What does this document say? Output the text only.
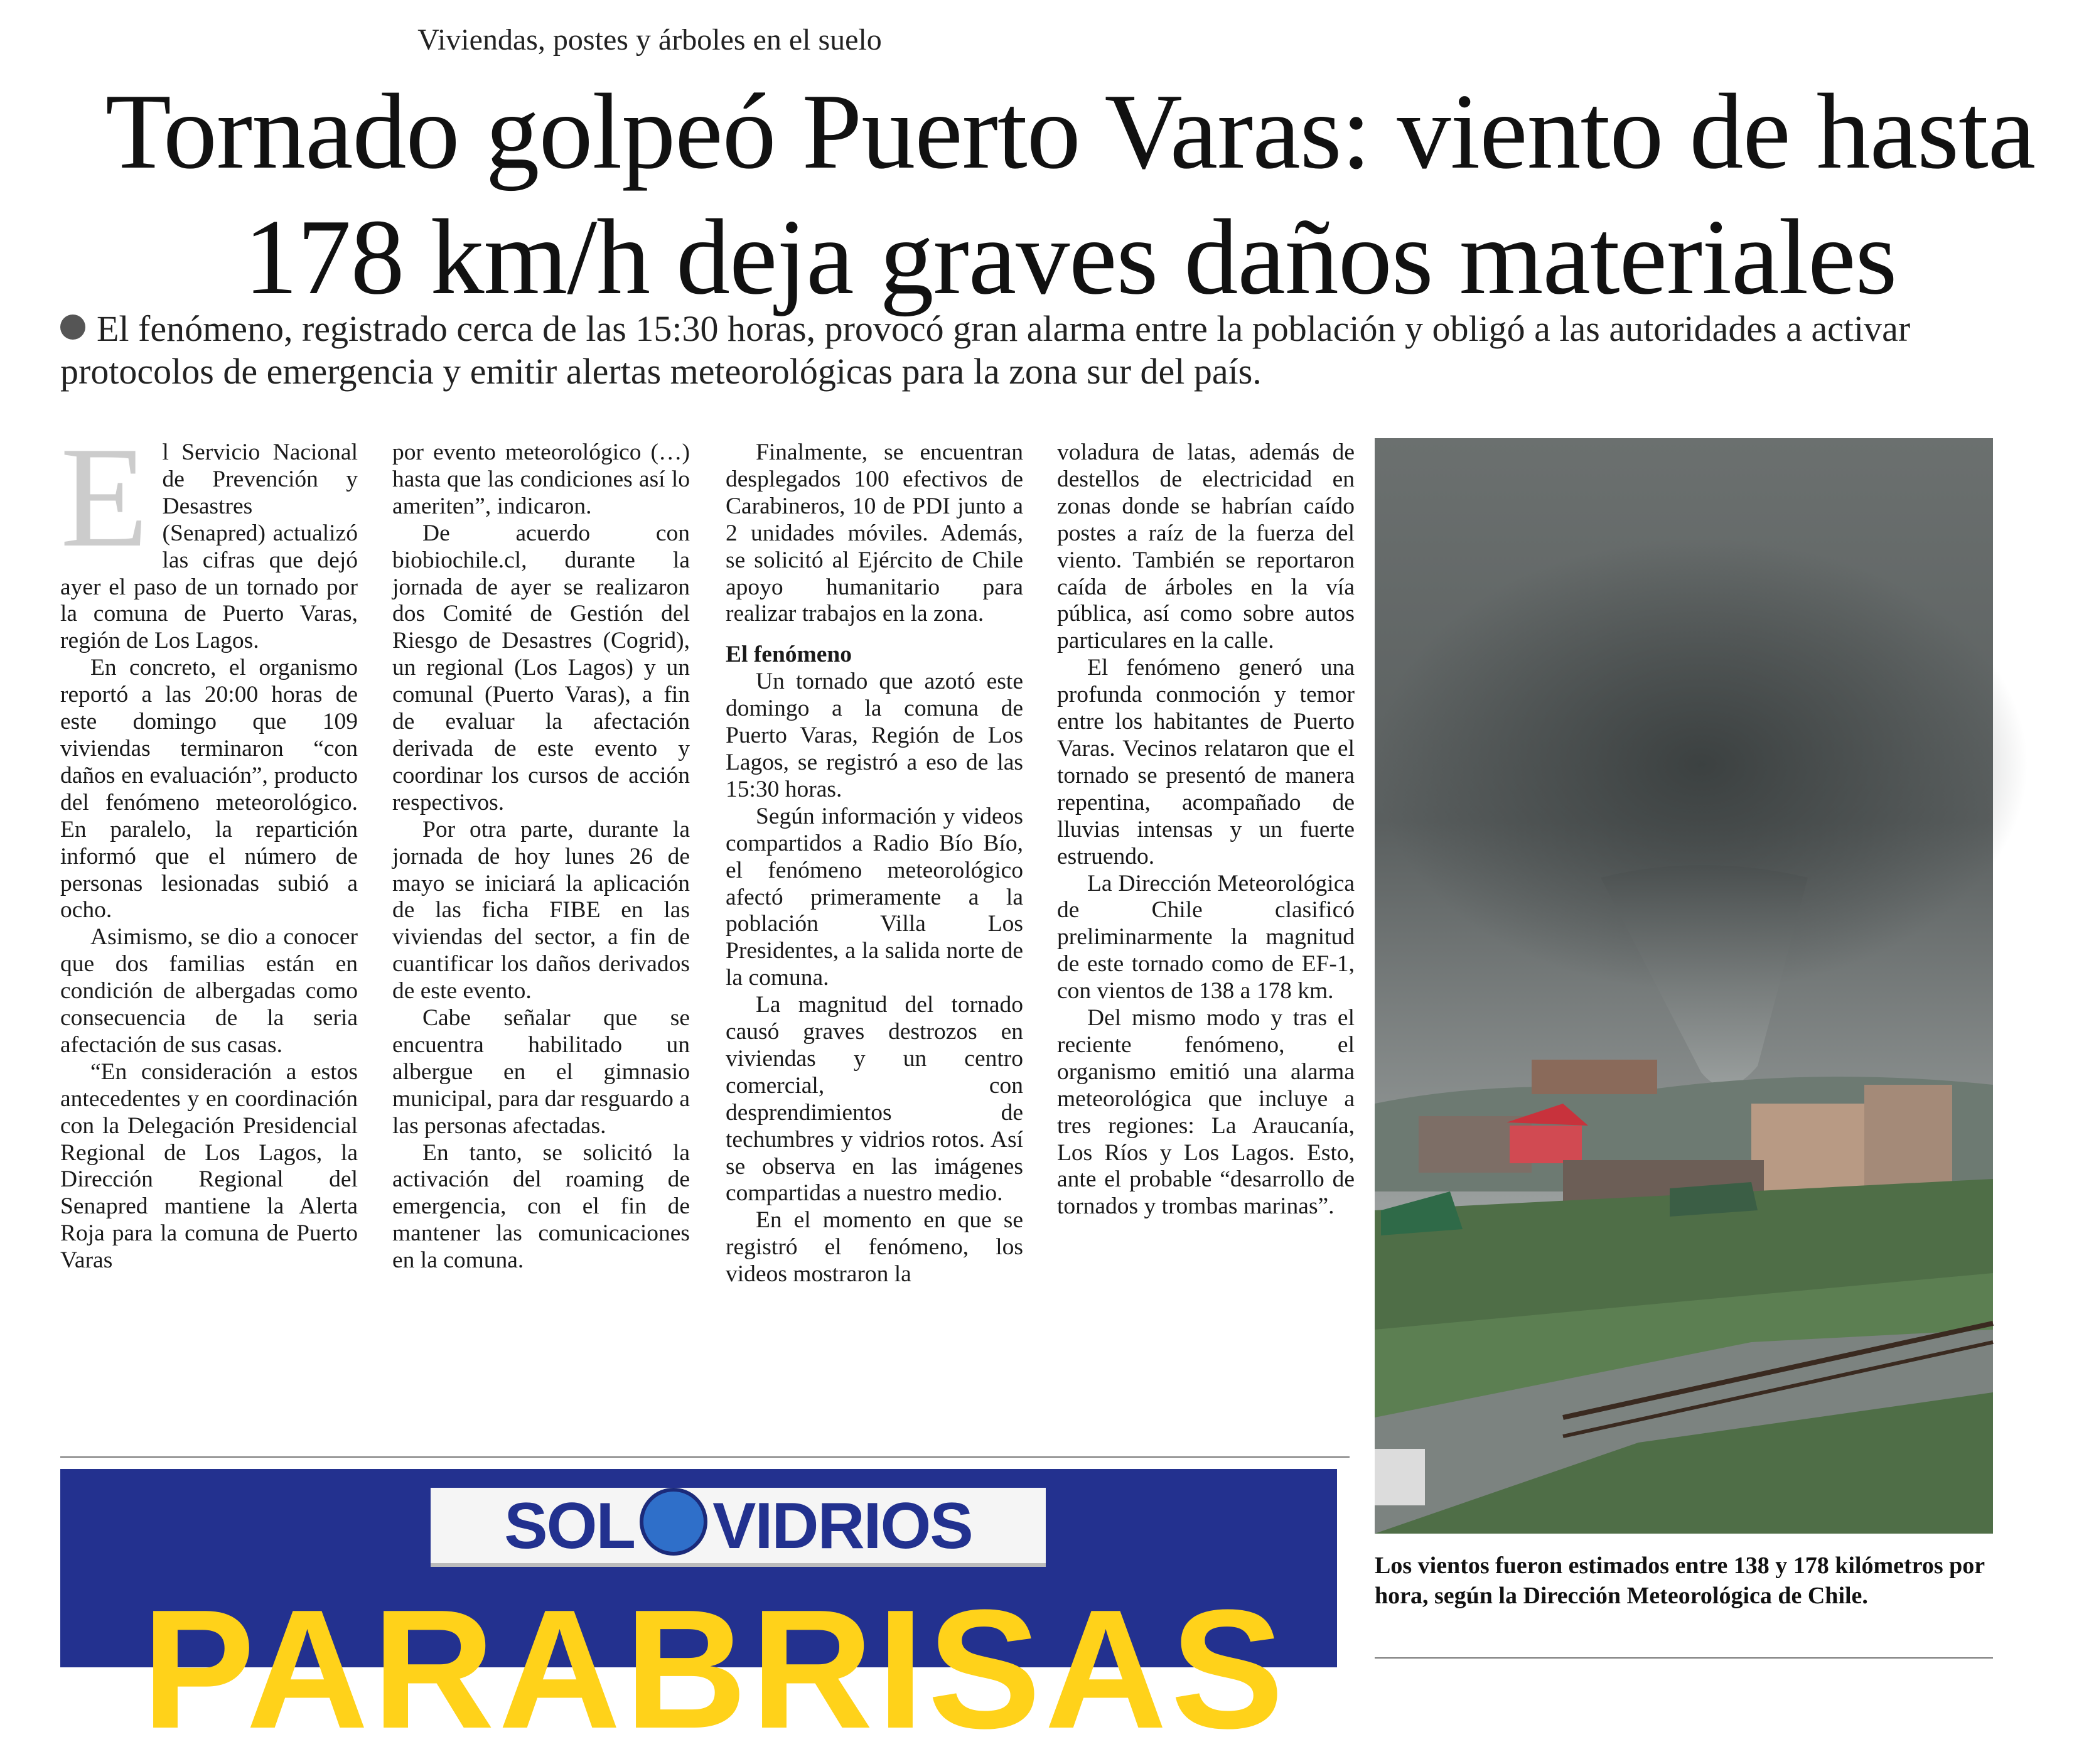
Viviendas, postes y árboles en el suelo
Tornado golpeó Puerto Varas: viento de hasta
178 km/h deja graves daños materiales
El fenómeno, registrado cerca de las 15:30 horas, provocó gran alarma entre la población y obligó a las autoridades a activar protocolos de emergencia y emitir alertas meteorológicas para la zona sur del país.

El Servicio Nacional de Prevención y Desastres (Senapred) actualizó las cifras que dejó ayer el paso de un tornado por la comuna de Puerto Varas, región de Los Lagos.

En concreto, el organismo reportó a las 20:00 horas de este domingo que 109 viviendas terminaron “con daños en evaluación”, producto del fenómeno meteorológico. En paralelo, la repartición informó que el número de personas lesionadas subió a ocho.

Asimismo, se dio a conocer que dos familias están en condición de albergadas como consecuencia de la seria afectación de sus casas.

“En consideración a estos antecedentes y en coordinación con la Delegación Presidencial Regional de Los Lagos, la Dirección Regional del Senapred mantiene la Alerta Roja para la comuna de Puerto Varas

por evento meteorológico (…) hasta que las condiciones así lo ameriten”, indicaron.

De acuerdo con biobiochile.cl, durante la jornada de ayer se realizaron dos Comité de Gestión del Riesgo de Desastres (Cogrid), un regional (Los Lagos) y un comunal (Puerto Varas), a fin de evaluar la afectación derivada de este evento y coordinar los cursos de acción respectivos.

Por otra parte, durante la jornada de hoy lunes 26 de mayo se iniciará la aplicación de las ficha FIBE en las viviendas del sector, a fin de cuantificar los daños derivados de este evento.

Cabe señalar que se encuentra habilitado un albergue en el gimnasio municipal, para dar resguardo a las personas afectadas.

En tanto, se solicitó la activación del roaming de emergencia, con el fin de mantener las comunicaciones en la comuna.

Finalmente, se encuentran desplegados 100 efectivos de Carabineros, 10 de PDI junto a 2 unidades móviles. Además, se solicitó al Ejército de Chile apoyo humanitario para realizar trabajos en la zona.

El fenómeno

Un tornado que azotó este domingo a la comuna de Puerto Varas, Región de Los Lagos, se registró a eso de las 15:30 horas.

Según información y videos compartidos a Radio Bío Bío, el fenómeno meteorológico afectó primeramente a la población Villa Los Presidentes, a la salida norte de la comuna.

La magnitud del tornado causó graves destrozos en viviendas y un centro comercial, con desprendimientos de techumbres y vidrios rotos. Así se observa en las imágenes compartidas a nuestro medio.

En el momento en que se registró el fenómeno, los videos mostraron la

voladura de latas, además de destellos de electricidad en zonas donde se habrían caído postes a raíz de la fuerza del viento. También se reportaron caída de árboles en la vía pública, así como sobre autos particulares en la calle.

El fenómeno generó una profunda conmoción y temor entre los habitantes de Puerto Varas. Vecinos relataron que el tornado se presentó de manera repentina, acompañado de lluvias intensas y un fuerte estruendo.

La Dirección Meteorológica de Chile clasificó preliminarmente la magnitud de este tornado como de EF-1, con vientos de 138 a 178 km.

Del mismo modo y tras el reciente fenómeno, el organismo emitió una alarma meteorológica que incluye a tres regiones: La Araucanía, Los Ríos y Los Lagos. Esto, ante el probable “desarrollo de tornados y trombas marinas”.

Los vientos fueron estimados entre 138 y 178 kilómetros por hora, según la Dirección Meteorológica de Chile.
SOL VIDRIOS
PARABRISAS
